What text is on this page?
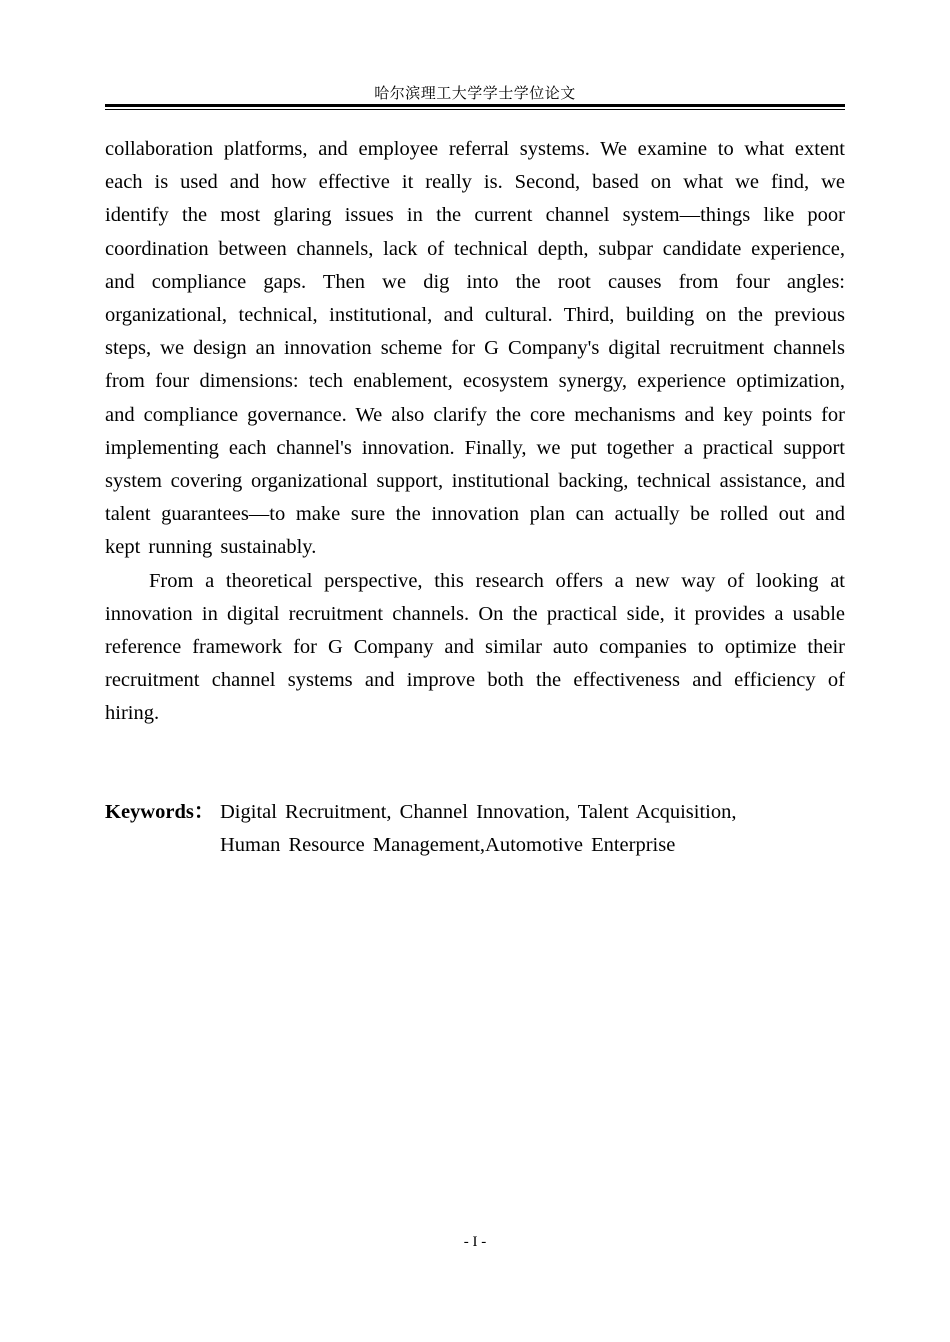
哈尔滨理工大学学士学位论文

collaboration platforms, and employee referral systems. We examine to what extent each is used and how effective it really is. Second, based on what we find, we identify the most glaring issues in the current channel system—things like poor coordination between channels, lack of technical depth, subpar candidate experience, and compliance gaps. Then we dig into the root causes from four angles: organizational, technical, institutional, and cultural. Third, building on the previous steps, we design an innovation scheme for G Company's digital recruitment channels from four dimensions: tech enablement, ecosystem synergy, experience optimization, and compliance governance. We also clarify the core mechanisms and key points for implementing each channel's innovation. Finally, we put together a practical support system covering organizational support, institutional backing, technical assistance, and talent guarantees—to make sure the innovation plan can actually be rolled out and kept running sustainably.

From a theoretical perspective, this research offers a new way of looking at innovation in digital recruitment channels. On the practical side, it provides a usable reference framework for G Company and similar auto companies to optimize their recruitment channel systems and improve both the effectiveness and efficiency of hiring.

Keywords： Digital Recruitment, Channel Innovation, Talent Acquisition,
Human Resource Management,Automotive Enterprise
- I -
